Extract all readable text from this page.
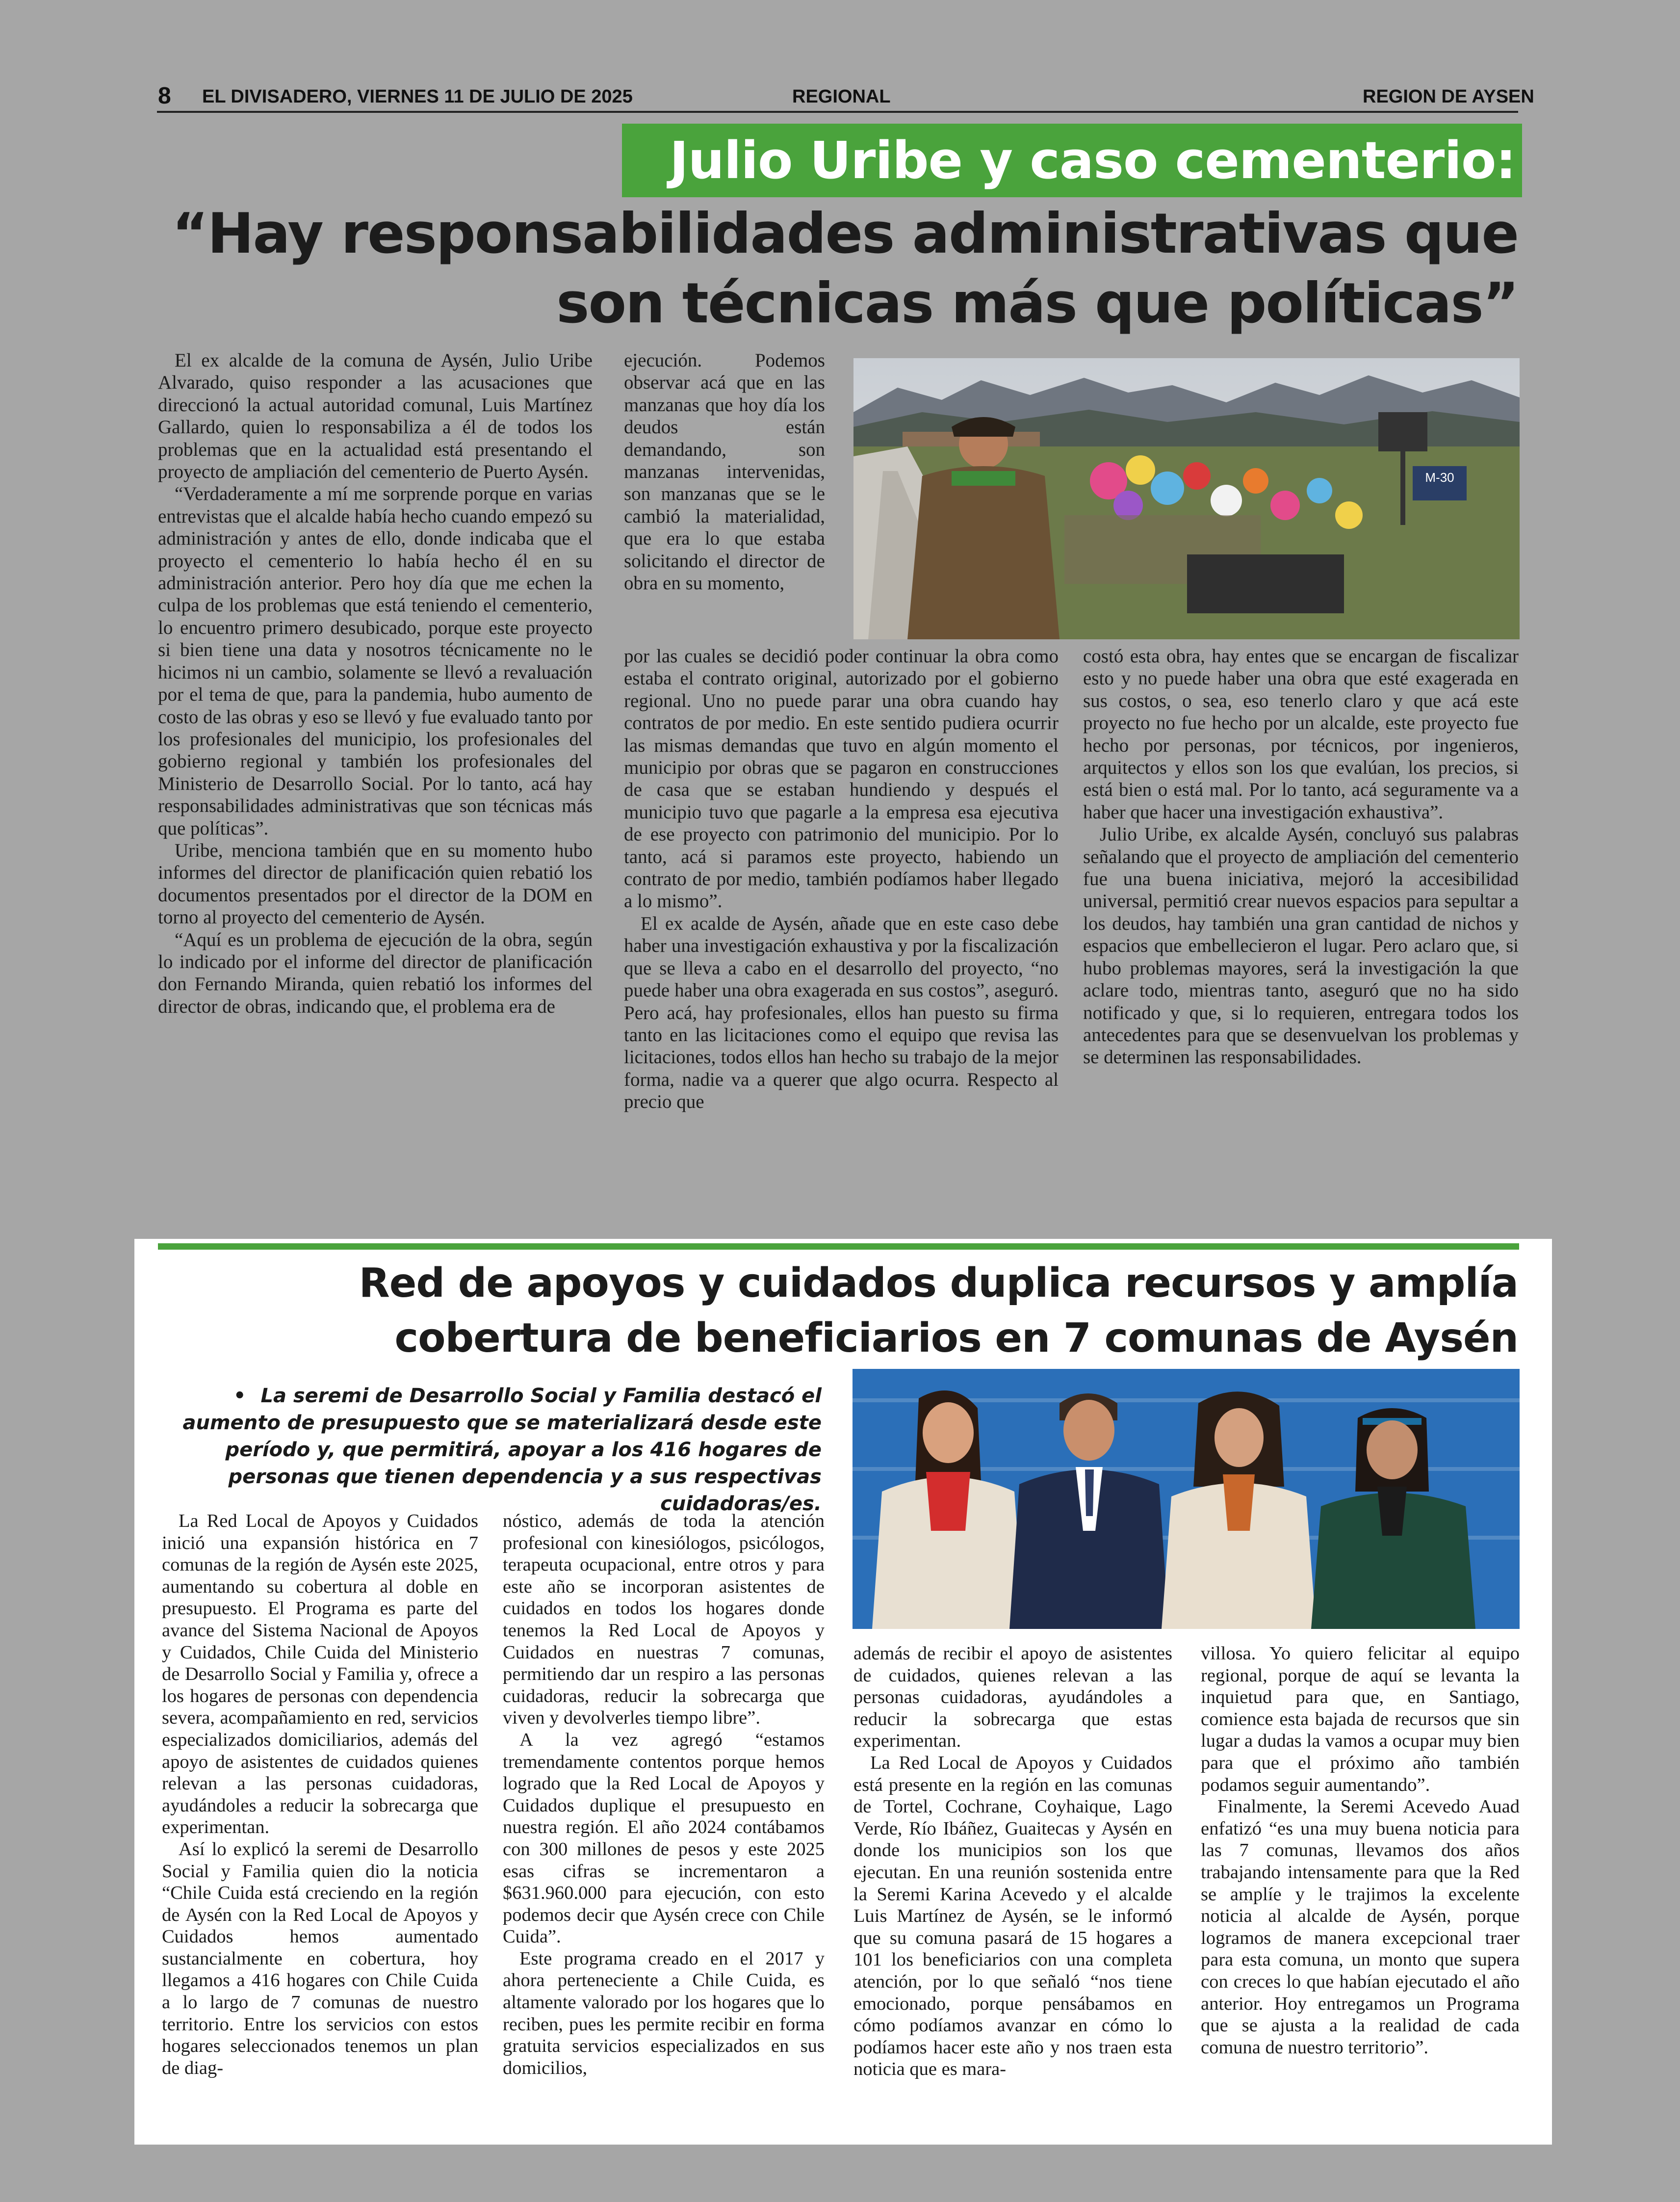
8 EL DIVISADERO, VIERNES 11 DE JULIO DE 2025	REGIONAL	REGION DE AYSEN
Julio Uribe y caso cementerio:
“Hay responsabilidades administrativas que son técnicas más que políticas”

El ex alcalde de la comuna de Aysén, Julio Uribe Alvarado, quiso responder a las acusaciones que direccionó la actual autoridad comunal, Luis Martínez Gallardo, quien lo responsabiliza a él de todos los problemas que en la actualidad está presentando el proyecto de ampliación del cementerio de Puerto Aysén.

“Verdaderamente a mí me sorprende porque en varias entrevistas que el alcalde había hecho cuando empezó su administración y antes de ello, donde indicaba que el proyecto el cementerio lo había hecho él en su administración anterior. Pero hoy día que me echen la culpa de los problemas que está teniendo el cementerio, lo encuentro primero desubicado, porque este proyecto si bien tiene una data y nosotros técnicamente no le hicimos ni un cambio, solamente se llevó a revaluación por el tema de que, para la pandemia, hubo aumento de costo de las obras y eso se llevó y fue evaluado tanto por los profesionales del municipio, los profesionales del gobierno regional y también los profesionales del Ministerio de Desarrollo Social. Por lo tanto, acá hay responsabilidades administrativas que son técnicas más que políticas”.

Uribe, menciona también que en su momento hubo informes del director de planificación quien rebatió los documentos presentados por el director de la DOM en torno al proyecto del cementerio de Aysén.

“Aquí es un problema de ejecución de la obra, según lo indicado por el informe del director de planificación don Fernando Miranda, quien rebatió los informes del director de obras, indicando que, el problema era de

ejecución. Podemos observar acá que en las manzanas que hoy día los deudos están demandando, son manzanas intervenidas, son manzanas que se le cambió la materialidad, que era lo que estaba solicitando el director de obra en su momento,

M-30

por las cuales se decidió poder continuar la obra como estaba el contrato original, autorizado por el gobierno regional. Uno no puede parar una obra cuando hay contratos de por medio. En este sentido pudiera ocurrir las mismas demandas que tuvo en algún momento el municipio por obras que se pagaron en construcciones de casa que se estaban hundiendo y después el municipio tuvo que pagarle a la empresa esa ejecutiva de ese proyecto con patrimonio del municipio. Por lo tanto, acá si paramos este proyecto, habiendo un contrato de por medio, también podíamos haber llegado a lo mismo”.

El ex acalde de Aysén, añade que en este caso debe haber una investigación exhaustiva y por la fiscalización que se lleva a cabo en el desarrollo del proyecto, “no puede haber una obra exagerada en sus costos”, aseguró. Pero acá, hay profesionales, ellos han puesto su firma tanto en las licitaciones como el equipo que revisa las licitaciones, todos ellos han hecho su trabajo de la mejor forma, nadie va a querer que algo ocurra. Respecto al precio que

costó esta obra, hay entes que se encargan de fiscalizar esto y no puede haber una obra que esté exagerada en sus costos, o sea, eso tenerlo claro y que acá este proyecto no fue hecho por un alcalde, este proyecto fue hecho por personas, por técnicos, por ingenieros, arquitectos y ellos son los que evalúan, los precios, si está bien o está mal. Por lo tanto, acá seguramente va a haber que hacer una investigación exhaustiva”.

Julio Uribe, ex alcalde Aysén, concluyó sus palabras señalando que el proyecto de ampliación del cementerio fue una buena iniciativa, mejoró la accesibilidad universal, permitió crear nuevos espacios para sepultar a los deudos, hay también una gran cantidad de nichos y espacios que embellecieron el lugar. Pero aclaro que, si hubo problemas mayores, será la investigación la que aclare todo, mientras tanto, aseguró que no ha sido notificado y que, si lo requieren, entregara todos los antecedentes para que se desenvuelvan los problemas y se determinen las responsabilidades.

Red de apoyos y cuidados duplica recursos y amplía cobertura de beneficiarios en 7 comunas de Aysén
• La seremi de Desarrollo Social y Familia destacó el aumento de presupuesto que se materializará desde este período y, que permitirá, apoyar a los 416 hogares de personas que tienen dependencia y a sus respectivas cuidadoras/es.

La Red Local de Apoyos y Cuidados inició una expansión histórica en 7 comunas de la región de Aysén este 2025, aumentando su cobertura al doble en presupuesto. El Programa es parte del avance del Sistema Nacional de Apoyos y Cuidados, Chile Cuida del Ministerio de Desarrollo Social y Familia y, ofrece a los hogares de personas con dependencia severa, acompañamiento en red, servicios especializados domiciliarios, además del apoyo de asistentes de cuidados quienes relevan a las personas cuidadoras, ayudándoles a reducir la sobrecarga que experimentan.

Así lo explicó la seremi de Desarrollo Social y Familia quien dio la noticia “Chile Cuida está creciendo en la región de Aysén con la Red Local de Apoyos y Cuidados hemos aumentado sustancialmente en cobertura, hoy llegamos a 416 hogares con Chile Cuida a lo largo de 7 comunas de nuestro territorio. Entre los servicios con estos hogares seleccionados tenemos un plan de diag-

nóstico, además de toda la atención profesional con kinesiólogos, psicólogos, terapeuta ocupacional, entre otros y para este año se incorporan asistentes de cuidados en todos los hogares donde tenemos la Red Local de Apoyos y Cuidados en nuestras 7 comunas, permitiendo dar un respiro a las personas cuidadoras, reducir la sobrecarga que viven y devolverles tiempo libre”.

A la vez agregó “estamos tremendamente contentos porque hemos logrado que la Red Local de Apoyos y Cuidados duplique el presupuesto en nuestra región. El año 2024 contábamos con 300 millones de pesos y este 2025 esas cifras se incrementaron a $631.960.000 para ejecución, con esto podemos decir que Aysén crece con Chile Cuida”.

Este programa creado en el 2017 y ahora perteneciente a Chile Cuida, es altamente valorado por los hogares que lo reciben, pues les permite recibir en forma gratuita servicios especializados en sus domicilios,

además de recibir el apoyo de asistentes de cuidados, quienes relevan a las personas cuidadoras, ayudándoles a reducir la sobrecarga que estas experimentan.

La Red Local de Apoyos y Cuidados está presente en la región en las comunas de Tortel, Cochrane, Coyhaique, Lago Verde, Río Ibáñez, Guaitecas y Aysén en donde los municipios son los que ejecutan. En una reunión sostenida entre la Seremi Karina Acevedo y el alcalde Luis Martínez de Aysén, se le informó que su comuna pasará de 15 hogares a 101 los beneficiarios con una completa atención, por lo que señaló “nos tiene emocionado, porque pensábamos en cómo podíamos avanzar en cómo lo podíamos hacer este año y nos traen esta noticia que es mara-

villosa. Yo quiero felicitar al equipo regional, porque de aquí se levanta la inquietud para que, en Santiago, comience esta bajada de recursos que sin lugar a dudas la vamos a ocupar muy bien para que el próximo año también podamos seguir aumentando”.

Finalmente, la Seremi Acevedo Auad enfatizó “es una muy buena noticia para las 7 comunas, llevamos dos años trabajando intensamente para que la Red se amplíe y le trajimos la excelente noticia al alcalde de Aysén, porque logramos de manera excepcional traer para esta comuna, un monto que supera con creces lo que habían ejecutado el año anterior. Hoy entregamos un Programa que se ajusta a la realidad de cada comuna de nuestro territorio”.
